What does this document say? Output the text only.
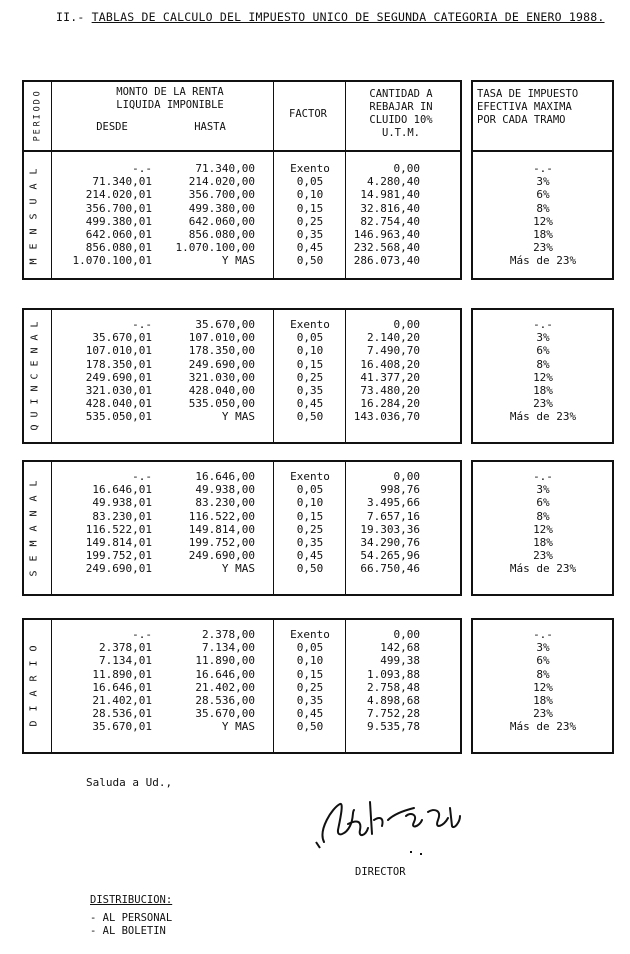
II.- TABLAS DE CALCULO DEL IMPUESTO UNICO DE SEGUNDA CATEGORIA DE ENERO 1988.
O
D
O
I
R
E
P
MONTO DE LA RENTA
LIQUIDA IMPONIBLE
DESDE	HASTA
FACTOR
CANTIDAD A
REBAJAR IN
CLUIDO 10%
U.T.M.
TASA DE IMPUESTO
EFECTIVA MAXIMA
POR CADA TRAMO
L
A
U
S
N
E
M
-.-
71.340,01
214.020,01
356.700,01
499.380,01
642.060,01
856.080,01
1.070.100,01
71.340,00
214.020,00
356.700,00
499.380,00
642.060,00
856.080,00
1.070.100,00
Y MAS
Exento
0,05
0,10
0,15
0,25
0,35
0,45
0,50
0,00
4.280,40
14.981,40
32.816,40
82.754,40
146.963,40
232.568,40
286.073,40
-.-
3%
6%
8%
12%
18%
23%
Más de 23%
L
A
N
E
C
N
I
U
Q
-.-
35.670,01
107.010,01
178.350,01
249.690,01
321.030,01
428.040,01
535.050,01
35.670,00
107.010,00
178.350,00
249.690,00
321.030,00
428.040,00
535.050,00
Y MAS
Exento
0,05
0,10
0,15
0,25
0,35
0,45
0,50
0,00
2.140,20
7.490,70
16.408,20
41.377,20
73.480,20
16.284,20
143.036,70
-.-
3%
6%
8%
12%
18%
23%
Más de 23%
L
A
N
A
M
E
S
-.-
16.646,01
49.938,01
83.230,01
116.522,01
149.814,01
199.752,01
249.690,01
16.646,00
49.938,00
83.230,00
116.522,00
149.814,00
199.752,00
249.690,00
Y MAS
Exento
0,05
0,10
0,15
0,25
0,35
0,45
0,50
0,00
998,76
3.495,66
7.657,16
19.303,36
34.290,76
54.265,96
66.750,46
-.-
3%
6%
8%
12%
18%
23%
Más de 23%
O
I
R
A
I
D
-.-
2.378,01
7.134,01
11.890,01
16.646,01
21.402,01
28.536,01
35.670,01
2.378,00
7.134,00
11.890,00
16.646,00
21.402,00
28.536,00
35.670,00
Y MAS
Exento
0,05
0,10
0,15
0,25
0,35
0,45
0,50
0,00
142,68
499,38
1.093,88
2.758,48
4.898,68
7.752,28
9.535,78
-.-
3%
6%
8%
12%
18%
23%
Más de 23%
Saluda a Ud.,
DIRECTOR
DISTRIBUCION:
- AL PERSONAL
- AL BOLETIN
